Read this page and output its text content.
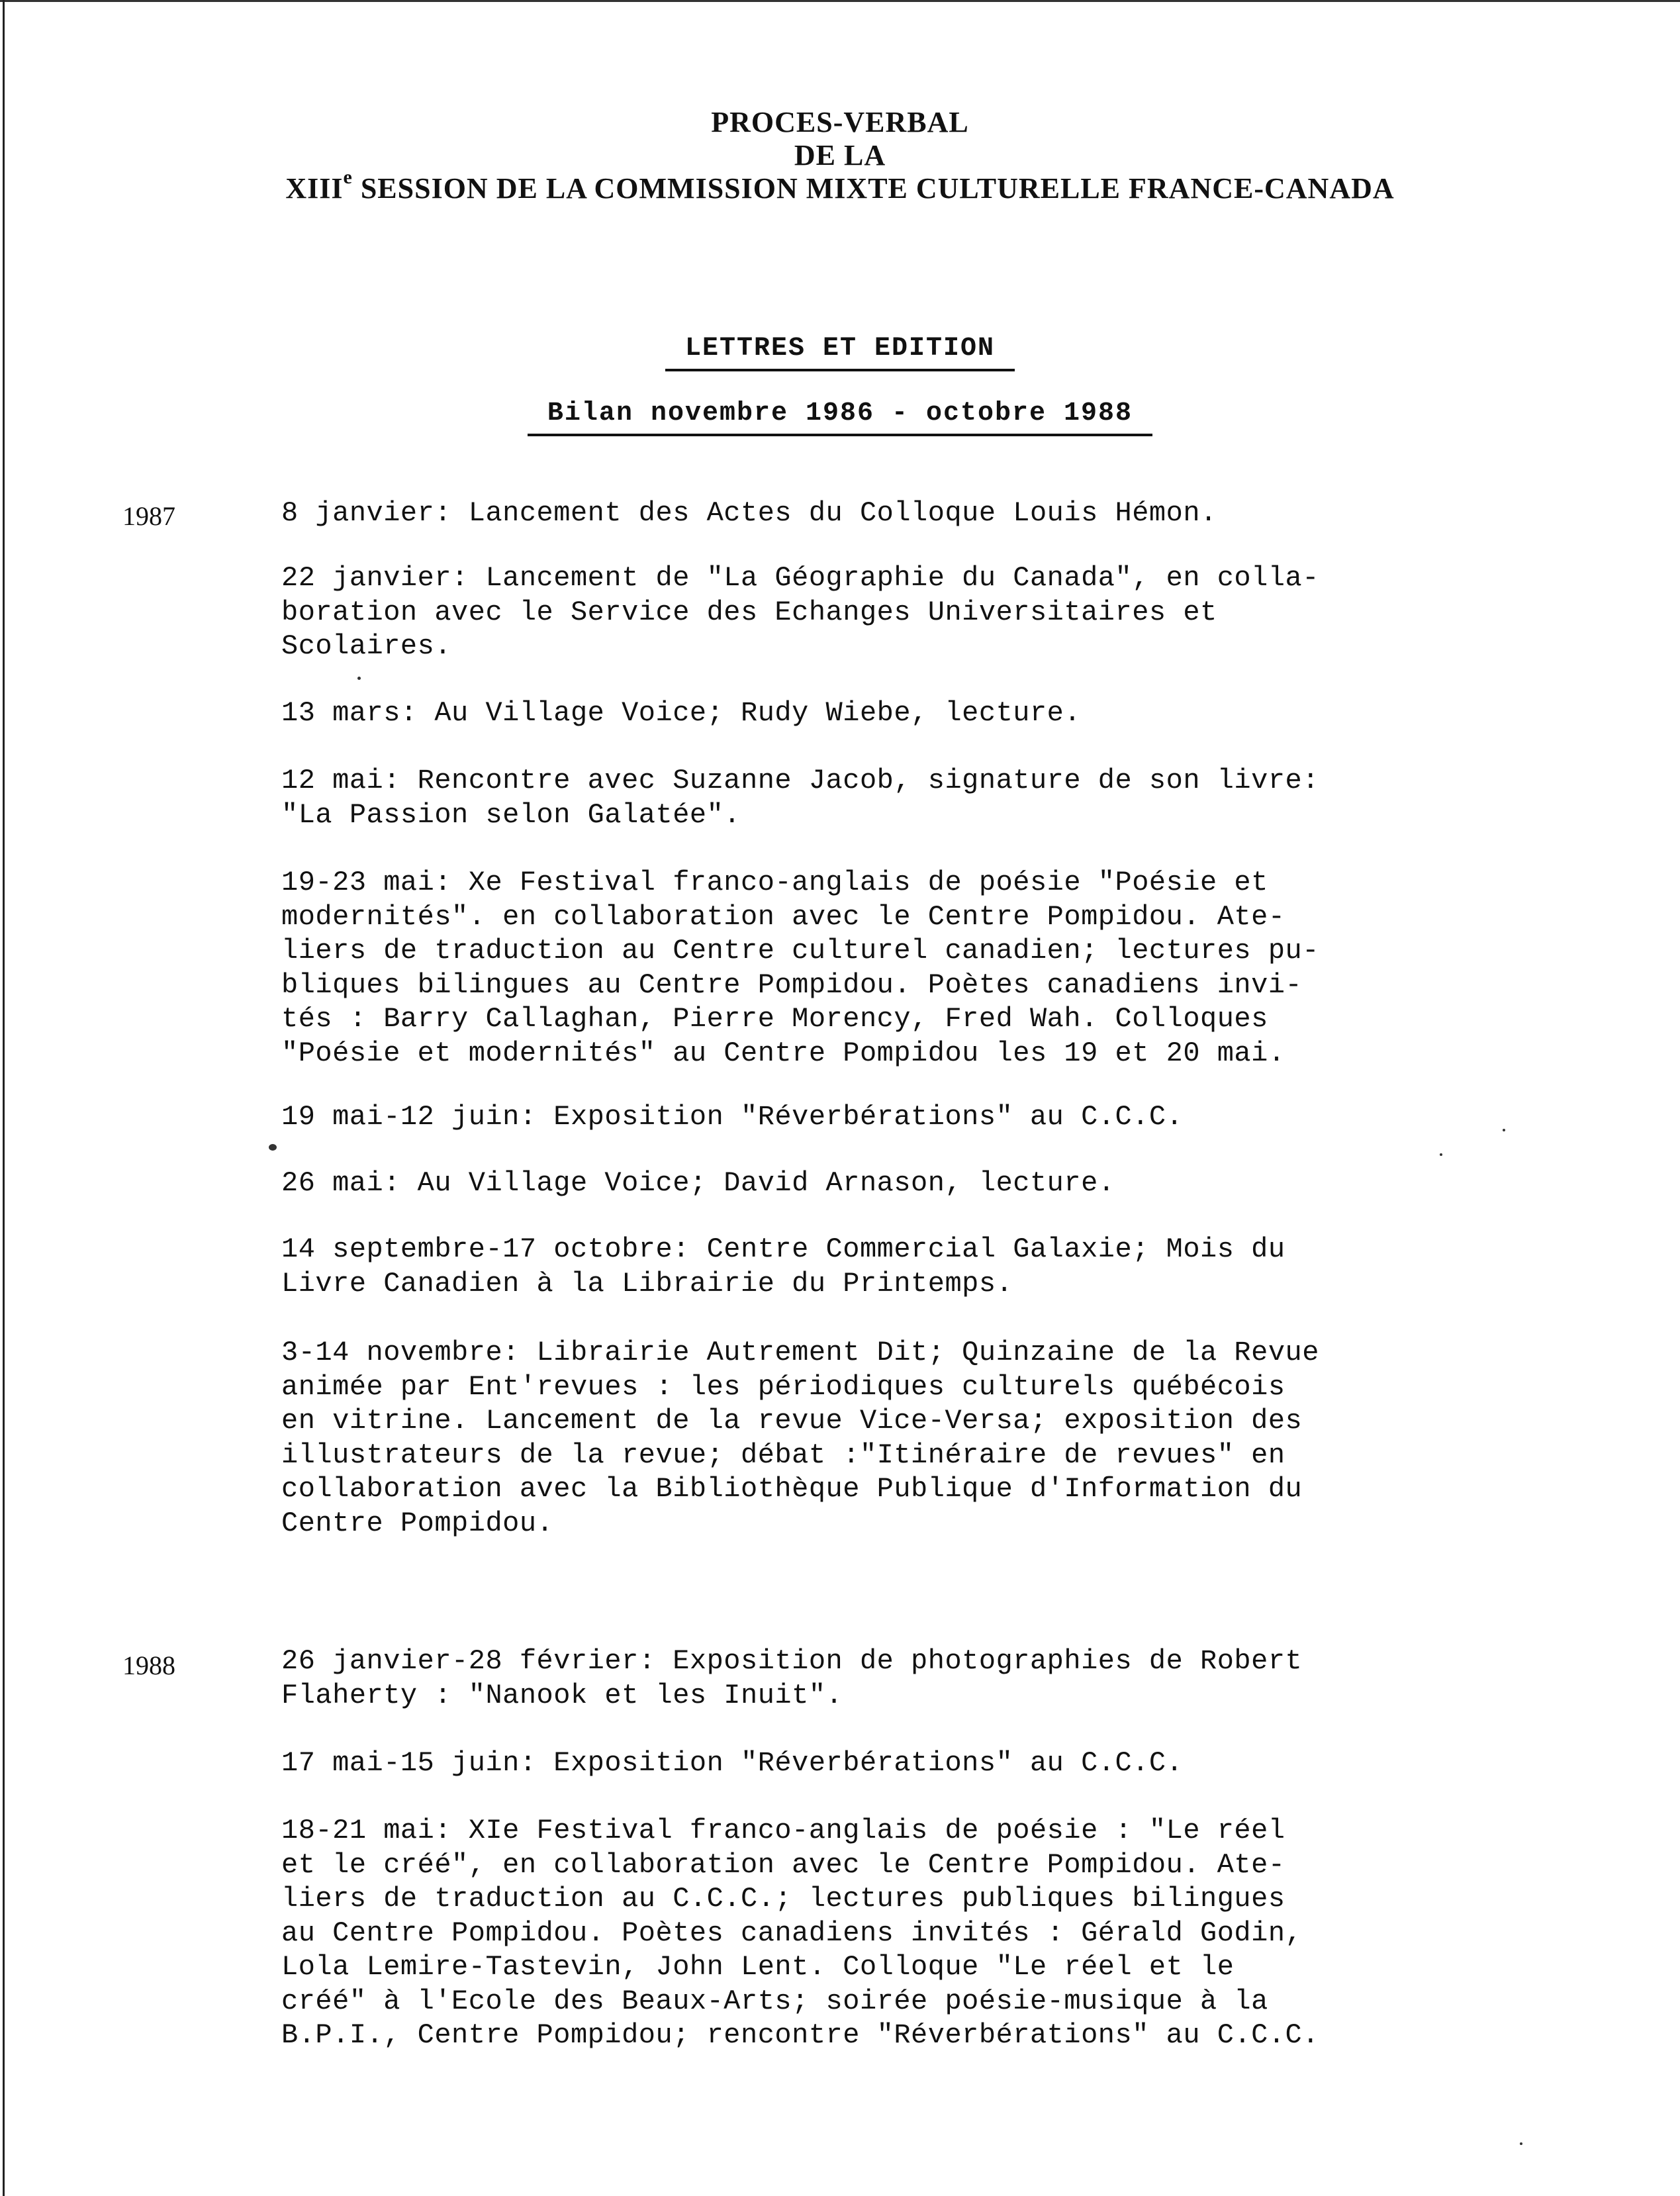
PROCES-VERBAL
DE LA
XIIIe SESSION DE LA COMMISSION MIXTE CULTURELLE FRANCE-CANADA
LETTRES ET EDITION
Bilan novembre 1986 - octobre 1988
1987	8 janvier: Lancement des Actes du Colloque Louis Hémon.
22 janvier: Lancement de "La Géographie du Canada", en colla-
boration avec le Service des Echanges Universitaires et
Scolaires.
13 mars: Au Village Voice; Rudy Wiebe, lecture.
12 mai: Rencontre avec Suzanne Jacob, signature de son livre:
"La Passion selon Galatée".
19-23 mai: Xe Festival franco-anglais de poésie "Poésie et
modernités". en collaboration avec le Centre Pompidou. Ate-
liers de traduction au Centre culturel canadien; lectures pu-
bliques bilingues au Centre Pompidou. Poètes canadiens invi-
tés : Barry Callaghan, Pierre Morency, Fred Wah. Colloques
"Poésie et modernités" au Centre Pompidou les 19 et 20 mai.
19 mai-12 juin: Exposition "Réverbérations" au C.C.C.
26 mai: Au Village Voice; David Arnason, lecture.
14 septembre-17 octobre: Centre Commercial Galaxie; Mois du
Livre Canadien à la Librairie du Printemps.
3-14 novembre: Librairie Autrement Dit; Quinzaine de la Revue
animée par Ent'revues : les périodiques culturels québécois
en vitrine. Lancement de la revue Vice-Versa; exposition des
illustrateurs de la revue; débat :"Itinéraire de revues" en
collaboration avec la Bibliothèque Publique d'Information du
Centre Pompidou.
1988	26 janvier-28 février: Exposition de photographies de Robert
Flaherty : "Nanook et les Inuit".
17 mai-15 juin: Exposition "Réverbérations" au C.C.C.
18-21 mai: XIe Festival franco-anglais de poésie : "Le réel
et le créé", en collaboration avec le Centre Pompidou. Ate-
liers de traduction au C.C.C.; lectures publiques bilingues
au Centre Pompidou. Poètes canadiens invités : Gérald Godin,
Lola Lemire-Tastevin, John Lent. Colloque "Le réel et le
créé" à l'Ecole des Beaux-Arts; soirée poésie-musique à la
B.P.I., Centre Pompidou; rencontre "Réverbérations" au C.C.C.
